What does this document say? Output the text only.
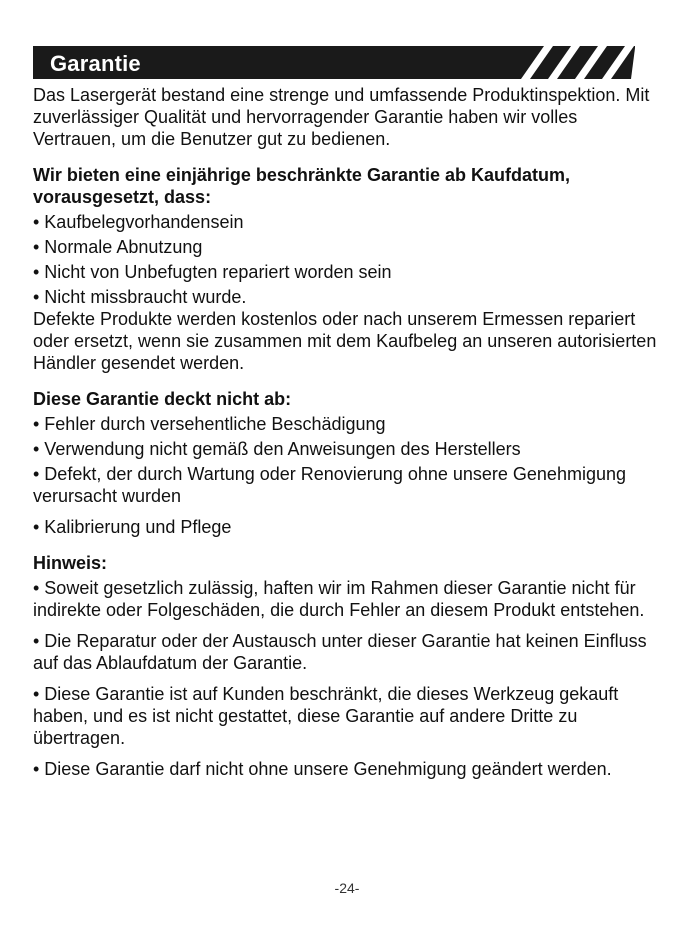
Garantie

Das Lasergerät bestand eine strenge und umfassende Produktinspektion. Mit zuverlässiger Qualität und hervorragender Garantie haben wir volles Vertrauen, um die Benutzer gut zu bedienen.

Wir bieten eine einjährige beschränkte Garantie ab Kaufdatum, vorausgesetzt, dass:

• Kaufbelegvorhandensein

• Normale Abnutzung

• Nicht von Unbefugten repariert worden sein

• Nicht missbraucht wurde.

Defekte Produkte werden kostenlos oder nach unserem Ermessen repariert oder ersetzt, wenn sie zusammen mit dem Kaufbeleg an unseren autorisierten Händler gesendet werden.

Diese Garantie deckt nicht ab:

• Fehler durch versehentliche Beschädigung

• Verwendung nicht gemäß den Anweisungen des Herstellers

• Defekt, der durch Wartung oder Renovierung ohne unsere Genehmigung verursacht wurden

• Kalibrierung und Pflege

Hinweis:

• Soweit gesetzlich zulässig, haften wir im Rahmen dieser Garantie nicht für indirekte oder Folgeschäden, die durch Fehler an diesem Produkt entstehen.

• Die Reparatur oder der Austausch unter dieser Garantie hat keinen Einfluss auf das Ablaufdatum der Garantie.

• Diese Garantie ist auf Kunden beschränkt, die dieses Werkzeug gekauft haben, und es ist nicht gestattet, diese Garantie auf andere Dritte zu übertragen.

• Diese Garantie darf nicht ohne unsere Genehmigung geändert werden.

-24-
